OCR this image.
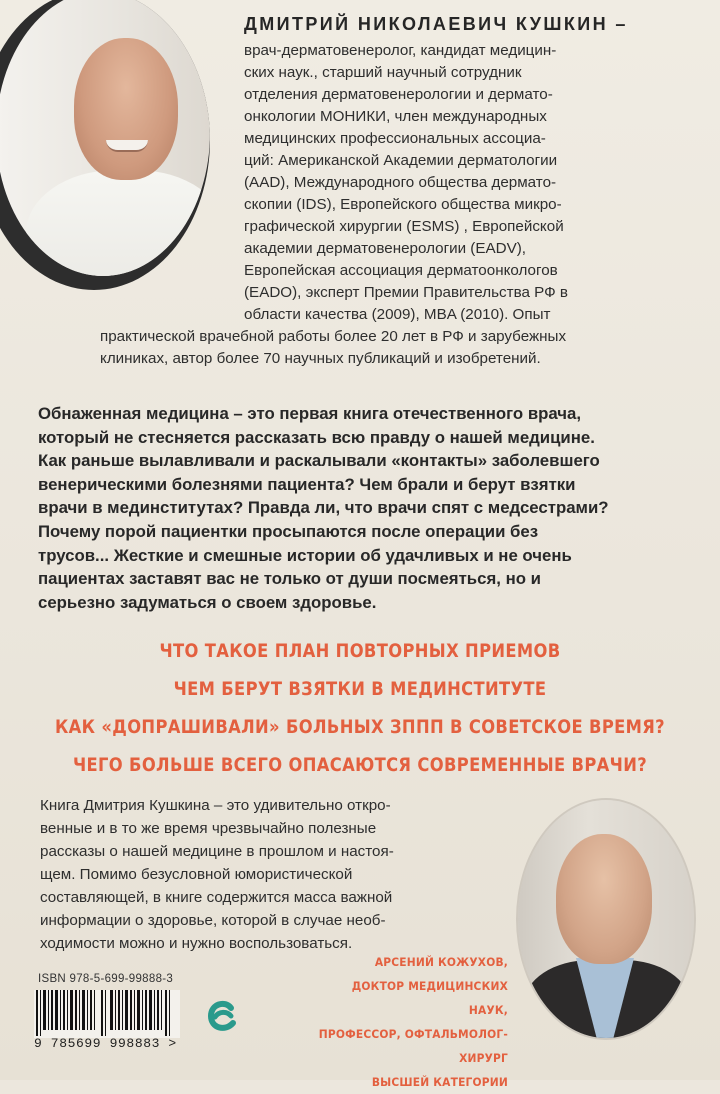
ДМИТРИЙ НИКОЛАЕВИЧ КУШКИН –
врач-дерматовенеролог, кандидат медицин-
ских наук., старший научный сотрудник
отделения дерматовенерологии и дермато-
онкологии МОНИКИ, член международных
медицинских профессиональных ассоциа-
ций: Американской Академии дерматологии
(AAD), Международного общества дермато-
скопии (IDS), Европейского общества микро-
графической хирургии (ESMS) , Европейской
академии дерматовенерологии (EADV),
Европейская ассоциация дерматоонкологов
(EADO), эксперт Премии Правительства РФ в
области качества (2009), MBA (2010). Опыт
практической врачебной работы более 20 лет в РФ и зарубежных
клиниках, автор более 70 научных публикаций и изобретений.
Обнаженная медицина – это первая книга отечественного врача,
который не стесняется рассказать всю правду о нашей медицине.
Как раньше вылавливали и раскалывали «контакты» заболевшего
венерическими болезнями пациента? Чем брали и берут взятки
врачи в мединститутах? Правда ли, что врачи спят с медсестрами?
Почему порой пациентки просыпаются после операции без
трусов... Жесткие и смешные истории об удачливых и не очень
пациентах заставят вас не только от души посмеяться, но и
серьезно задуматься о своем здоровье.
ЧТО ТАКОЕ ПЛАН ПОВТОРНЫХ ПРИЕМОВ
ЧЕМ БЕРУТ ВЗЯТКИ В МЕДИНСТИТУТЕ
КАК «ДОПРАШИВАЛИ» БОЛЬНЫХ ЗППП В СОВЕТСКОЕ ВРЕМЯ?
ЧЕГО БОЛЬШЕ ВСЕГО ОПАСАЮТСЯ СОВРЕМЕННЫЕ ВРАЧИ?
Книга Дмитрия Кушкина – это удивительно откро-
венные и в то же время чрезвычайно полезные
рассказы о нашей медицине в прошлом и настоя-
щем. Помимо безусловной юмористической
составляющей, в книге содержится масса важной
информации о здоровье, которой в случае необ-
ходимости можно и нужно воспользоваться.
АРСЕНИЙ КОЖУХОВ,
ДОКТОР МЕДИЦИНСКИХ НАУК,
ПРОФЕССОР, ОФТАЛЬМОЛОГ-ХИРУРГ
ВЫСШЕЙ КАТЕГОРИИ
ISBN 978-5-699-99888-3
9 785699 998883 >
